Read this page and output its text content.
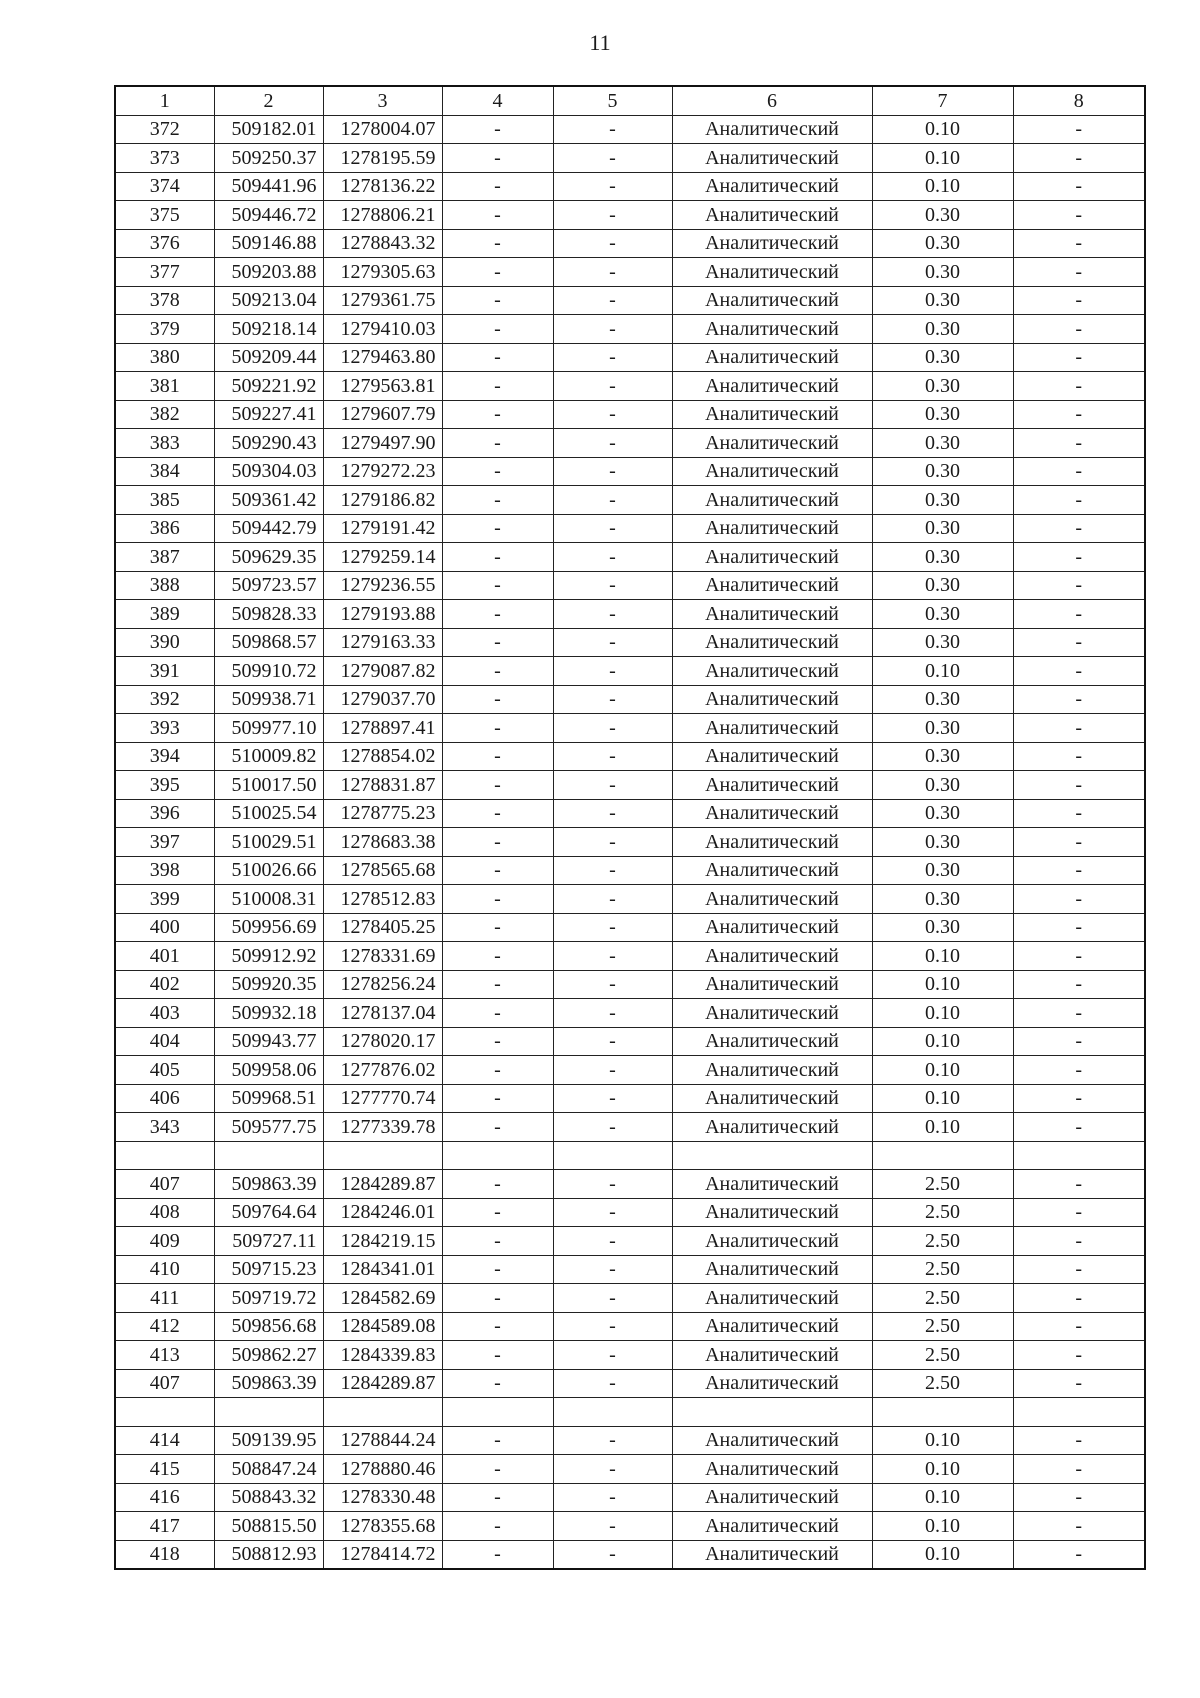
11
1	2	3	4	5	6	7	8
372	509182.01	1278004.07	-	-	Аналитический	0.10	-
373	509250.37	1278195.59	-	-	Аналитический	0.10	-
374	509441.96	1278136.22	-	-	Аналитический	0.10	-
375	509446.72	1278806.21	-	-	Аналитический	0.30	-
376	509146.88	1278843.32	-	-	Аналитический	0.30	-
377	509203.88	1279305.63	-	-	Аналитический	0.30	-
378	509213.04	1279361.75	-	-	Аналитический	0.30	-
379	509218.14	1279410.03	-	-	Аналитический	0.30	-
380	509209.44	1279463.80	-	-	Аналитический	0.30	-
381	509221.92	1279563.81	-	-	Аналитический	0.30	-
382	509227.41	1279607.79	-	-	Аналитический	0.30	-
383	509290.43	1279497.90	-	-	Аналитический	0.30	-
384	509304.03	1279272.23	-	-	Аналитический	0.30	-
385	509361.42	1279186.82	-	-	Аналитический	0.30	-
386	509442.79	1279191.42	-	-	Аналитический	0.30	-
387	509629.35	1279259.14	-	-	Аналитический	0.30	-
388	509723.57	1279236.55	-	-	Аналитический	0.30	-
389	509828.33	1279193.88	-	-	Аналитический	0.30	-
390	509868.57	1279163.33	-	-	Аналитический	0.30	-
391	509910.72	1279087.82	-	-	Аналитический	0.10	-
392	509938.71	1279037.70	-	-	Аналитический	0.30	-
393	509977.10	1278897.41	-	-	Аналитический	0.30	-
394	510009.82	1278854.02	-	-	Аналитический	0.30	-
395	510017.50	1278831.87	-	-	Аналитический	0.30	-
396	510025.54	1278775.23	-	-	Аналитический	0.30	-
397	510029.51	1278683.38	-	-	Аналитический	0.30	-
398	510026.66	1278565.68	-	-	Аналитический	0.30	-
399	510008.31	1278512.83	-	-	Аналитический	0.30	-
400	509956.69	1278405.25	-	-	Аналитический	0.30	-
401	509912.92	1278331.69	-	-	Аналитический	0.10	-
402	509920.35	1278256.24	-	-	Аналитический	0.10	-
403	509932.18	1278137.04	-	-	Аналитический	0.10	-
404	509943.77	1278020.17	-	-	Аналитический	0.10	-
405	509958.06	1277876.02	-	-	Аналитический	0.10	-
406	509968.51	1277770.74	-	-	Аналитический	0.10	-
343	509577.75	1277339.78	-	-	Аналитический	0.10	-

407	509863.39	1284289.87	-	-	Аналитический	2.50	-
408	509764.64	1284246.01	-	-	Аналитический	2.50	-
409	509727.11	1284219.15	-	-	Аналитический	2.50	-
410	509715.23	1284341.01	-	-	Аналитический	2.50	-
411	509719.72	1284582.69	-	-	Аналитический	2.50	-
412	509856.68	1284589.08	-	-	Аналитический	2.50	-
413	509862.27	1284339.83	-	-	Аналитический	2.50	-
407	509863.39	1284289.87	-	-	Аналитический	2.50	-

414	509139.95	1278844.24	-	-	Аналитический	0.10	-
415	508847.24	1278880.46	-	-	Аналитический	0.10	-
416	508843.32	1278330.48	-	-	Аналитический	0.10	-
417	508815.50	1278355.68	-	-	Аналитический	0.10	-
418	508812.93	1278414.72	-	-	Аналитический	0.10	-
